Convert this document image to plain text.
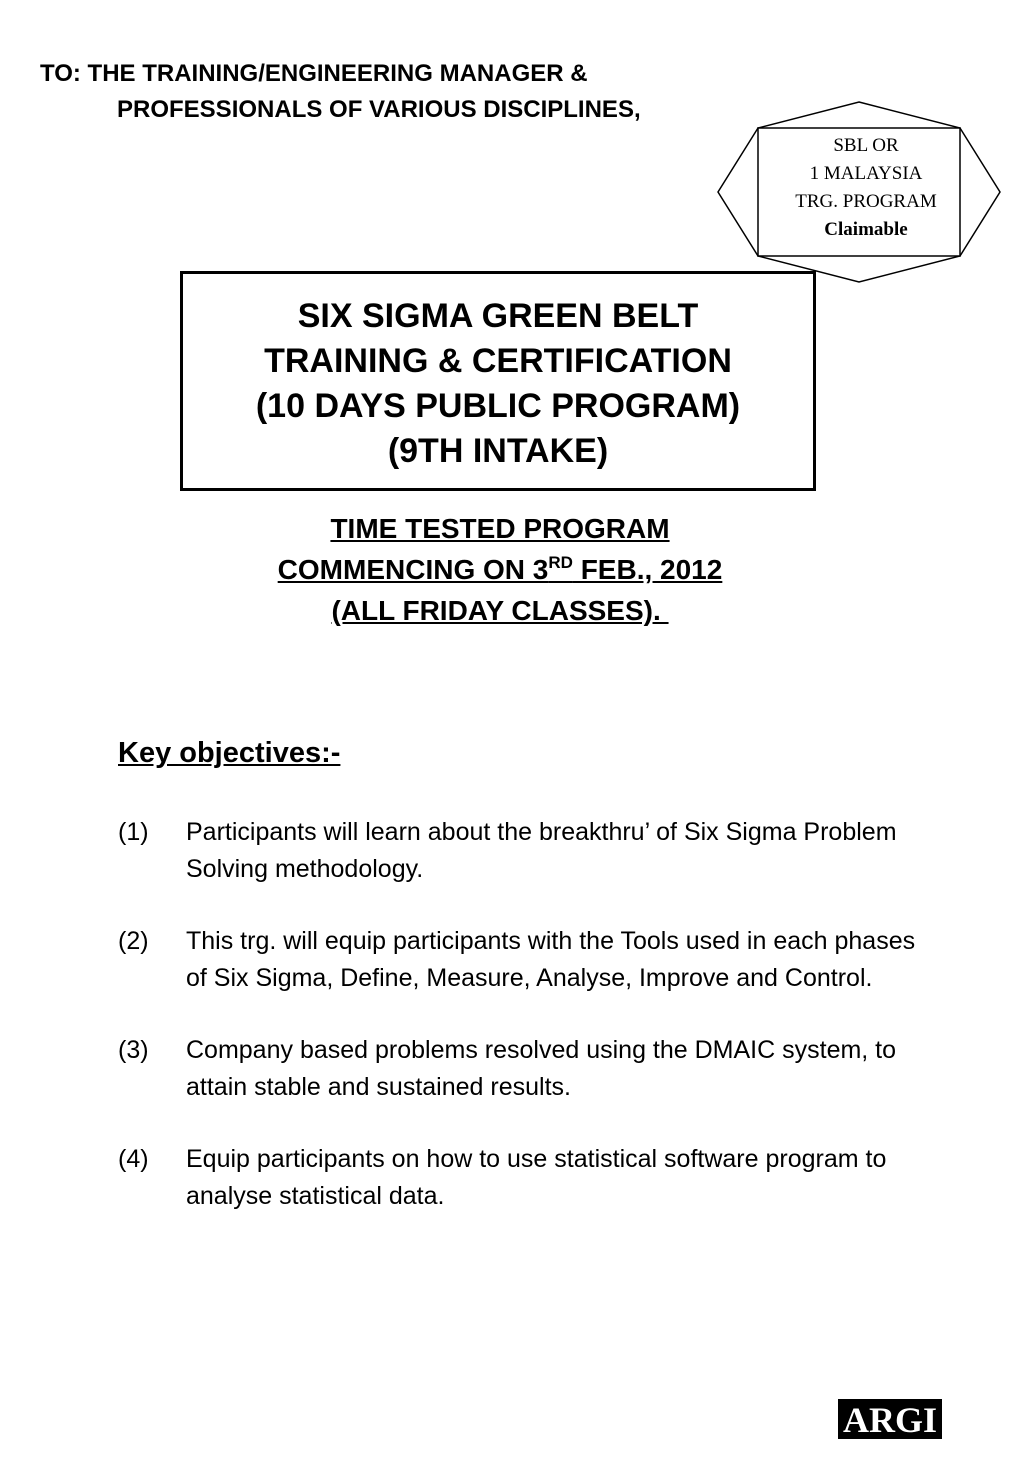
TO: THE TRAINING/ENGINEERING MANAGER &
PROFESSIONALS OF VARIOUS DISCIPLINES,
SBL OR
1 MALAYSIA
TRG. PROGRAM
Claimable
SIX SIGMA GREEN BELT
TRAINING & CERTIFICATION
(10 DAYS PUBLIC PROGRAM)
(9TH INTAKE)
TIME TESTED PROGRAM
COMMENCING ON 3RD FEB., 2012
(ALL FRIDAY CLASSES).
Key objectives:-
(1) Participants will learn about the breakthru’ of Six Sigma Problem Solving methodology.
(2) This trg. will equip participants with the Tools used in each phases of Six Sigma, Define, Measure, Analyse, Improve and Control.
(3) Company based problems resolved using the DMAIC system, to attain stable and sustained results.
(4) Equip participants on how to use statistical software program to analyse statistical data.
ARGI
